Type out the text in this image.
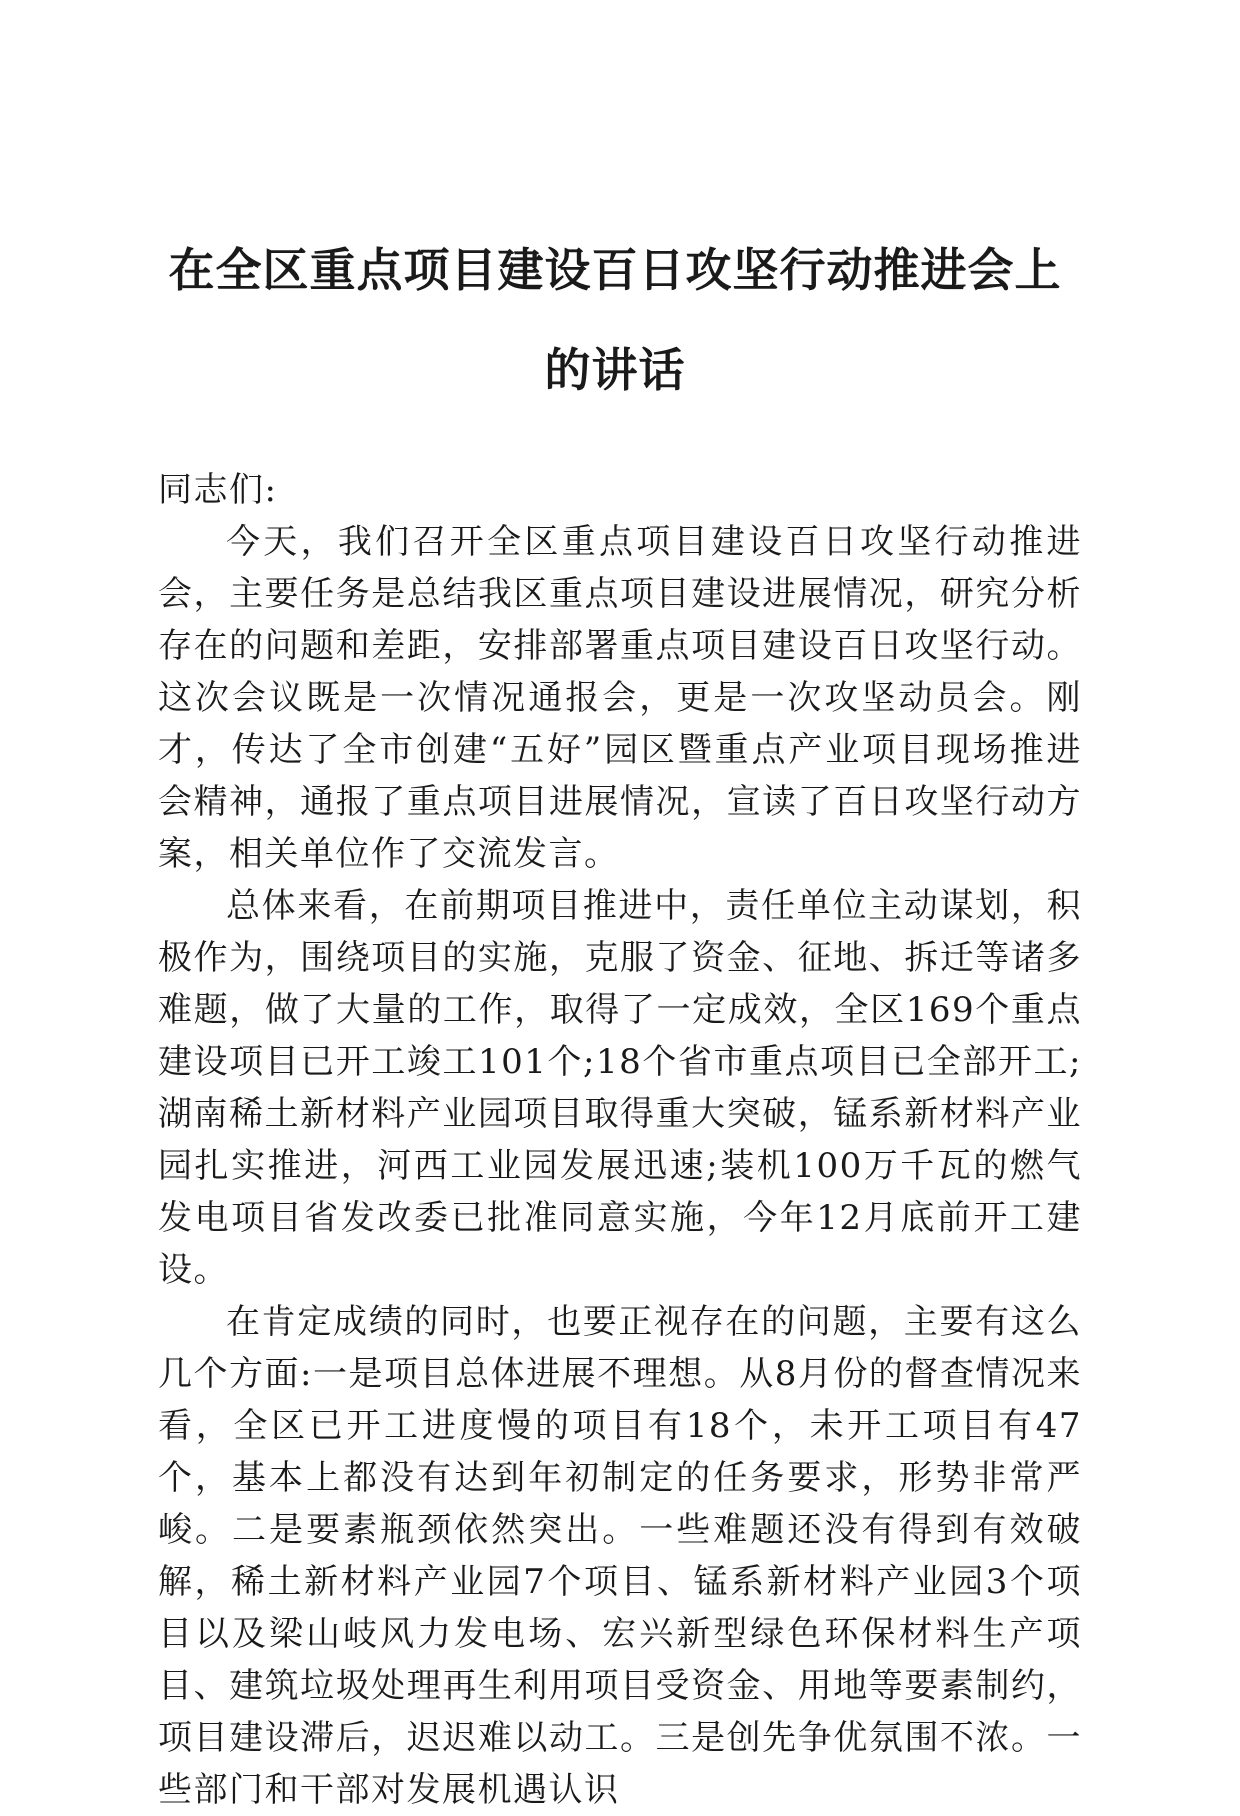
在全区重点项目建设百日攻坚行动推进会上的讲话

同志们:

今天，我们召开全区重点项目建设百日攻坚行动推进会，主要任务是总结我区重点项目建设进展情况，研究分析存在的问题和差距，安排部署重点项目建设百日攻坚行动。这次会议既是一次情况通报会，更是一次攻坚动员会。刚才，传达了全市创建“五好”园区暨重点产业项目现场推进会精神，通报了重点项目进展情况，宣读了百日攻坚行动方案，相关单位作了交流发言。

总体来看，在前期项目推进中，责任单位主动谋划，积极作为，围绕项目的实施，克服了资金、征地、拆迁等诸多难题，做了大量的工作，取得了一定成效，全区169个重点建设项目已开工竣工101个;18个省市重点项目已全部开工;湖南稀土新材料产业园项目取得重大突破，锰系新材料产业园扎实推进，河西工业园发展迅速;装机100万千瓦的燃气发电项目省发改委已批准同意实施，今年12月底前开工建设。

在肯定成绩的同时，也要正视存在的问题，主要有这么几个方面:一是项目总体进展不理想。从8月份的督查情况来看，全区已开工进度慢的项目有18个，未开工项目有47个，基本上都没有达到年初制定的任务要求，形势非常严峻。二是要素瓶颈依然突出。一些难题还没有得到有效破解，稀土新材料产业园7个项目、锰系新材料产业园3个项目以及梁山岐风力发电场、宏兴新型绿色环保材料生产项目、建筑垃圾处理再生利用项目受资金、用地等要素制约，项目建设滞后，迟迟难以动工。三是创先争优氛围不浓。一些部门和干部对发展机遇认识
